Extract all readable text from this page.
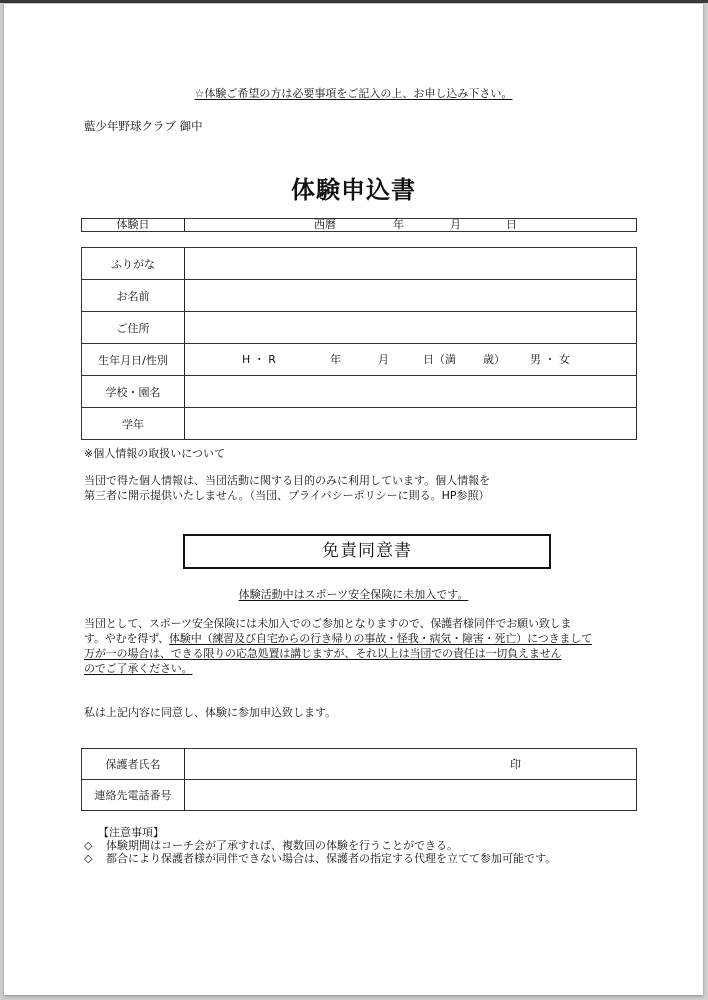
☆体験ご希望の方は必要事項をご記入の上、お申し込み下さい。
藍少年野球クラブ 御中
体験申込書
体験日	西暦	年	月	日

ふりがな	
お名前	
ご住所	
生年月日/性別	H ・ R	年	月	日（満 歳） 男 ・ 女

学校・園名	
学年	
※個人情報の取扱いについて
当団で得た個人情報は、当団活動に関する目的のみに利用しています。個人情報を
第三者に開示提供いたしません。（当団、プライバシーポリシーに則る。HP参照）
免責同意書
体験活動中はスポーツ安全保険に未加入です。
当団として、スポーツ安全保険には未加入でのご参加となりますので、保護者様同伴でお願い致しま
す。やむを得ず、体験中（練習及び自宅からの行き帰りの事故・怪我・病気・障害・死亡）につきまして
万が一の場合は、できる限りの応急処置は講じますが、それ以上は当団での責任は一切負えません
のでご了承ください。
私は上記内容に同意し、体験に参加申込致します。
保護者氏名	印
連絡先電話番号	
【注意事項】
◇	体験期間はコーチ会が了承すれば、複数回の体験を行うことができる。
◇	都合により保護者様が同伴できない場合は、保護者の指定する代理を立てて参加可能です。
